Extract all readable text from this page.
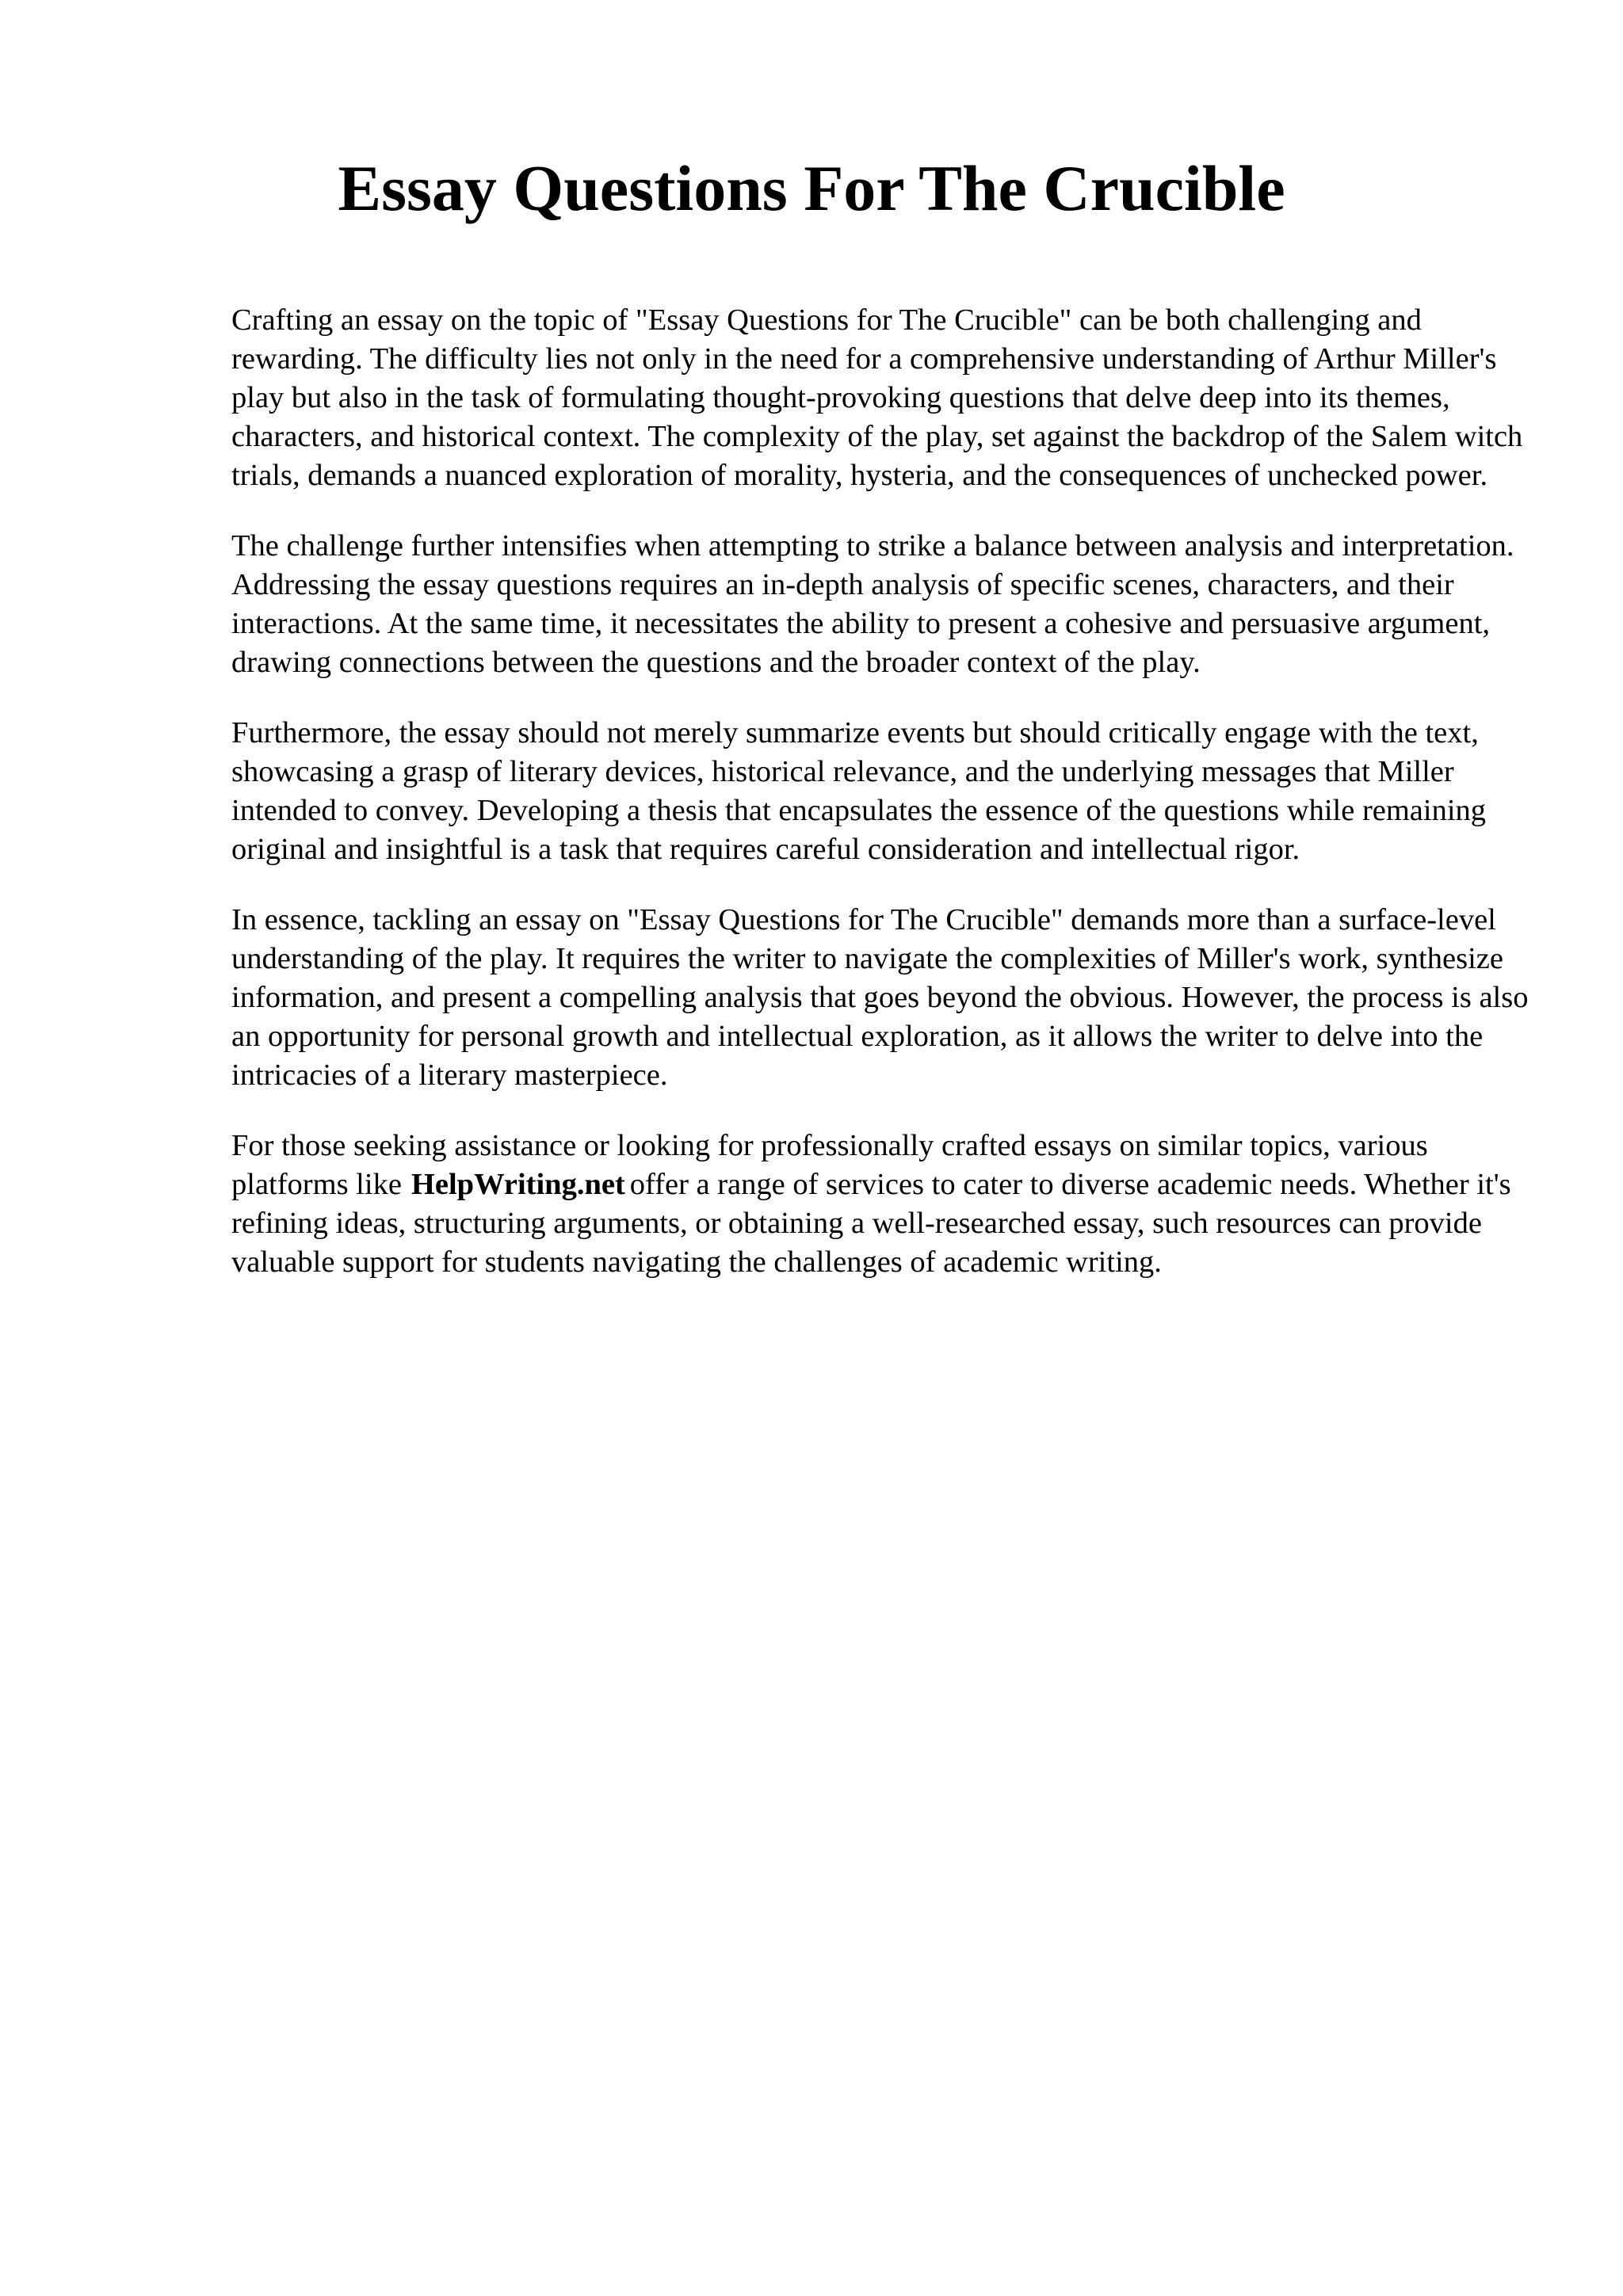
Essay Questions For The Crucible

Crafting an essay on the topic of "Essay Questions for The Crucible" can be both challenging and rewarding. The difficulty lies not only in the need for a comprehensive understanding of Arthur Miller's play but also in the task of formulating thought-provoking questions that delve deep into its themes, characters, and historical context. The complexity of the play, set against the backdrop of the Salem witch trials, demands a nuanced exploration of morality, hysteria, and the consequences of unchecked power.

The challenge further intensifies when attempting to strike a balance between analysis and interpretation. Addressing the essay questions requires an in-depth analysis of specific scenes, characters, and their interactions. At the same time, it necessitates the ability to present a cohesive and persuasive argument, drawing connections between the questions and the broader context of the play.

Furthermore, the essay should not merely summarize events but should critically engage with the text, showcasing a grasp of literary devices, historical relevance, and the underlying messages that Miller intended to convey. Developing a thesis that encapsulates the essence of the questions while remaining original and insightful is a task that requires careful consideration and intellectual rigor.

In essence, tackling an essay on "Essay Questions for The Crucible" demands more than a surface-level understanding of the play. It requires the writer to navigate the complexities of Miller's work, synthesize information, and present a compelling analysis that goes beyond the obvious. However, the process is also an opportunity for personal growth and intellectual exploration, as it allows the writer to delve into the intricacies of a literary masterpiece.

For those seeking assistance or looking for professionally crafted essays on similar topics, various platforms like HelpWriting.net offer a range of services to cater to diverse academic needs. Whether it's refining ideas, structuring arguments, or obtaining a well-researched essay, such resources can provide valuable support for students navigating the challenges of academic writing.
